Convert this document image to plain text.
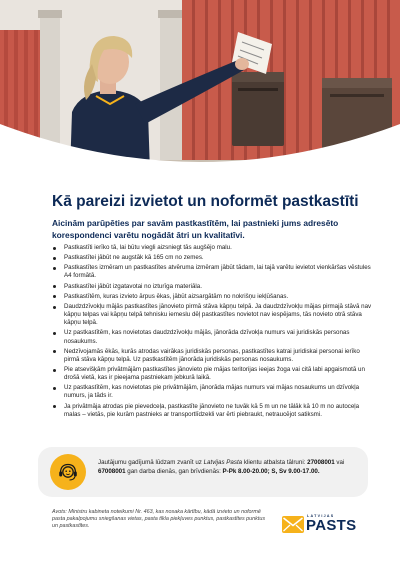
Kā pareizi izvietot un noformēt pastkastīti

Aicinām parūpēties par savām pastkastītēm, lai pastnieki jums adresēto korespondenci varētu nogādāt ātri un kvalitatīvi.

Pastkastīti ierīko tā, lai būtu viegli aizsniegt tās augšējo malu.
Pastkastītei jābūt ne augstāk kā 165 cm no zemes.
Pastkastītes izmēram un pastkastītes atvēruma izmēram jābūt tādam, lai tajā varētu ievietot vienkāršas vēstules A4 formātā.
Pastkastītei jābūt izgatavotai no izturīga materiāla.
Pastkastītēm, kuras izvieto ārpus ēkas, jābūt aizsargātām no nokrišņu iekļūšanas.
Daudzdzīvokļu mājās pastkastītes jānovieto pirmā stāva kāpņu telpā. Ja daudzdzīvokļu mājas pirmajā stāvā nav kāpņu telpas vai kāpņu telpā tehnisku iemeslu dēļ pastkastītes novietot nav iespējams, tās novieto otrā stāva kāpņu telpā.
Uz pastkastītēm, kas novietotas daudzdzīvokļu mājās, jānorāda dzīvokļa numurs vai juridiskās personas nosaukums.
Nedzīvojamās ēkās, kurās atrodas vairākas juridiskās personas, pastkastītes katrai juridiskai personai ierīko pirmā stāva kāpņu telpā. Uz pastkastītēm jānorāda juridiskās personas nosaukums.
Pie atsevišķām privātmājām pastkastītes jānovieto pie mājas teritorijas ieejas žoga vai citā labi apgaismotā un drošā vietā, kas ir pieejama pastniekam jebkurā laikā.
Uz pastkastītēm, kas novietotas pie privātmājām, jānorāda mājas numurs vai mājas nosaukums un dzīvokļa numurs, ja tāds ir.
Ja privātmāja atrodas pie pievedceļa, pastkastīte jānovieto ne tuvāk kā 5 m un ne tālāk kā 10 m no autoceļa malas – vietās, pie kurām pastnieks ar transportlīdzekli var ērti piebraukt, netraucējot satiksmi.

Jautājumu gadījumā lūdzam zvanīt uz Latvijas Pasta klientu atbalsta tālruni: 27008001 vai 67008001 gan darba dienās, gan brīvdienās: P-Pk 8.00-20.00; S, Sv 9.00-17.00.

Avots: Ministru kabineta noteikumi Nr. 463, kas nosaka kārtību, kādā izvieto un noformē pasta pakalpojumu sniegšanas vietas, pasta tīkla piekļuves punktus, pastkastītes punktus un pastkastītes.

LATVIJAS
PASTS
